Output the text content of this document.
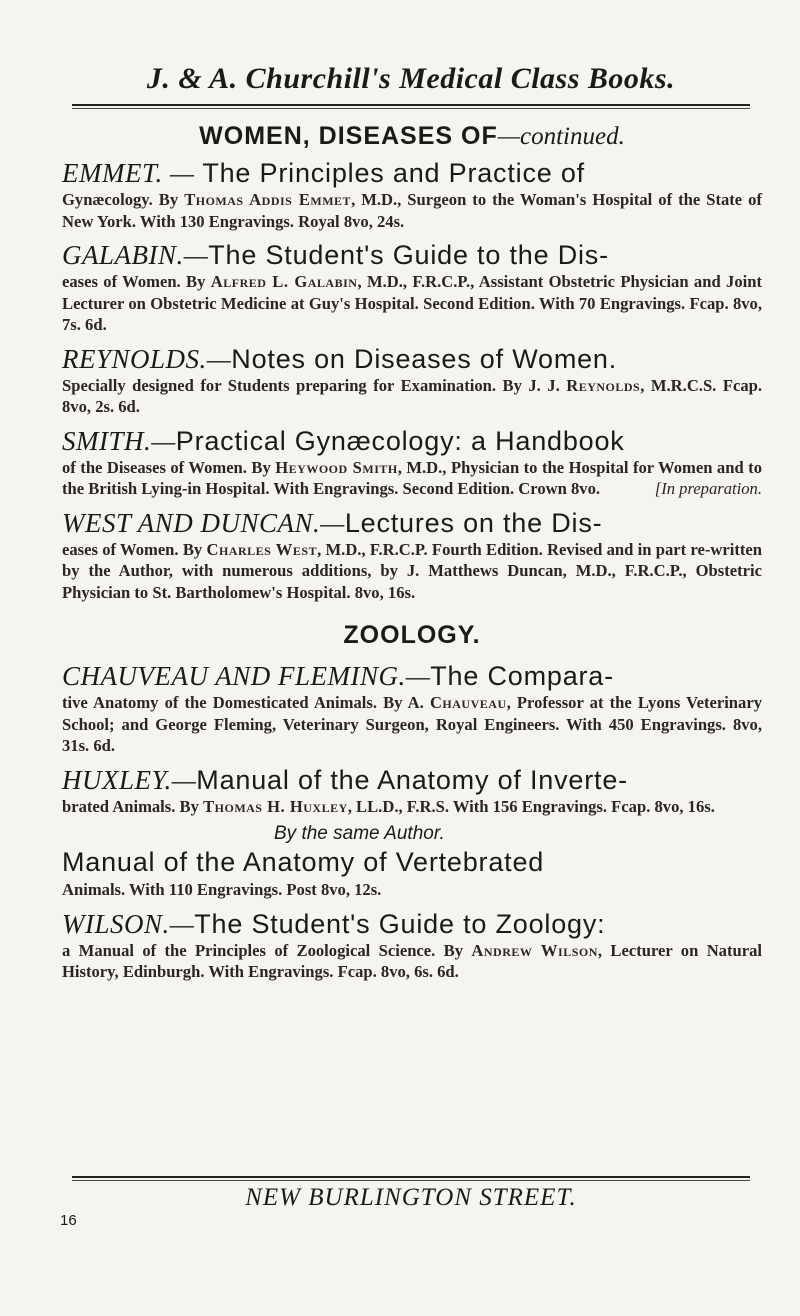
J. & A. Churchill's Medical Class Books.
WOMEN, DISEASES OF—continued.
EMMET. — The Principles and Practice of
Gynæcology. By Thomas Addis Emmet, M.D., Surgeon to the Woman's Hospital of the State of New York. With 130 Engravings. Royal 8vo, 24s.
GALABIN.—The Student's Guide to the Dis-
eases of Women. By Alfred L. Galabin, M.D., F.R.C.P., Assistant Obstetric Physician and Joint Lecturer on Obstetric Medicine at Guy's Hospital. Second Edition. With 70 Engravings. Fcap. 8vo, 7s. 6d.
REYNOLDS.—Notes on Diseases of Women.
Specially designed for Students preparing for Examination. By J. J. Reynolds, M.R.C.S. Fcap. 8vo, 2s. 6d.
SMITH.—Practical Gynæcology: a Handbook
of the Diseases of Women. By Heywood Smith, M.D., Physician to the Hospital for Women and to the British Lying-in Hospital. With Engravings. Second Edition. Crown 8vo.	[In preparation.
WEST AND DUNCAN.—Lectures on the Dis-
eases of Women. By Charles West, M.D., F.R.C.P. Fourth Edition. Revised and in part re-written by the Author, with numerous additions, by J. Matthews Duncan, M.D., F.R.C.P., Obstetric Physician to St. Bartholomew's Hospital. 8vo, 16s.
ZOOLOGY.
CHAUVEAU AND FLEMING.—The Compara-
tive Anatomy of the Domesticated Animals. By A. Chauveau, Professor at the Lyons Veterinary School; and George Fleming, Veterinary Surgeon, Royal Engineers. With 450 Engravings. 8vo, 31s. 6d.
HUXLEY.—Manual of the Anatomy of Inverte-
brated Animals. By Thomas H. Huxley, LL.D., F.R.S. With 156 Engravings. Fcap. 8vo, 16s.
By the same Author.
Manual of the Anatomy of Vertebrated
Animals. With 110 Engravings. Post 8vo, 12s.
WILSON.—The Student's Guide to Zoology:
a Manual of the Principles of Zoological Science. By Andrew Wilson, Lecturer on Natural History, Edinburgh. With Engravings. Fcap. 8vo, 6s. 6d.
NEW BURLINGTON STREET.
16
